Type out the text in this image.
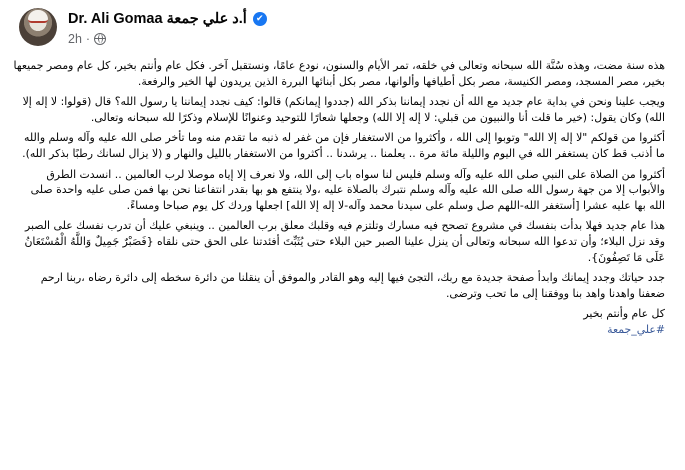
Dr. Ali Gomaa أ.د علي جمعة	✔
2h ·

هذه سنة مضت، وهذه سُنَّة الله سبحانه وتعالى في خلقه، تمر الأيام والسنون، نودع عامًا، ونستقبل آخر. فكل عام وأنتم بخير، كل عام ومصر جميعها بخير، مصر المسجد، ومصر الكنيسة، مصر بكل أطيافها وألوانها، مصر بكل أبنائها البررة الذين يريدون لها الخير والرفعة.

ويجب علينا ونحن في بداية عام جديد مع الله أن نجدد إيماننا بذكر الله (جددوا إيمانكم) قالوا: كيف نجدد إيماننا يا رسول الله؟ قال (قولوا: لا إله إلا الله) وكان يقول: (خير ما قلت أنا والنبيون من قبلي: لا إله إلا الله) وجعلها شعارًا للتوحيد وعنوانًا للإسلام وذكرًا لله سبحانه وتعالى.

أكثروا من قولكم "لا إله إلا الله" وتوبوا إلى الله ، وأكثروا من الاستغفار فإن من غفر له ذنبه ما تقدم منه وما تأخر صلى الله عليه وآله وسلم والله ما أذنب قط كان يستغفر الله في اليوم والليلة مائة مرة .. يعلمنا .. يرشدنا .. أكثروا من الاستغفار بالليل والنهار و (لا يزال لسانك رطبًا بذكر الله).

أكثروا من الصلاة على النبي صلى الله عليه وآله وسلم فليس لنا سواه باب إلى الله، ولا نعرف إلا إياه موصلا لرب العالمين .. انسدت الطرق والأبواب إلا من جهة رسول الله صلى الله عليه وآله وسلم نتبرك بالصلاة عليه ،ولا ينتفع هو بها بقدر انتفاعنا نحن بها فمن صلى عليه واحدة صلى الله بها عليه عشرا [أستغفر الله-اللهم صل وسلم على سيدنا محمد وآله-لا إله إلا الله] اجعلها وردك كل يوم صباحا ومساءً.

هذا عام جديد فهلا بدأت بنفسك في مشروع تصحح فيه مسارك وتلتزم فيه وقلبك معلق برب العالمين .. وينبغي عليك أن تدرب نفسك على الصبر وقد نزل البلاء؛ وأن تدعوا الله سبحانه وتعالى أن ينزل علينا الصبر حين البلاء حتى يُثَبِّتَ أفئدتنا على الحق حتى نلقاه {فَصَبْرٌ جَمِيلٌ وَاللَّهُ الْمُسْتَعَانُ عَلَى مَا تَصِفُونَ}.

جدد حياتك وجدد إيمانك وابدأ صفحة جديدة مع ربك، التجئ فيها إليه وهو القادر والموفق أن ينقلنا من دائرة سخطه إلى دائرة رضاه ،ربنا ارحم ضعفنا واهدنا واهد بنا ووفقنا إلى ما تحب وترضى.

كل عام وأنتم بخير

#علي_جمعة
